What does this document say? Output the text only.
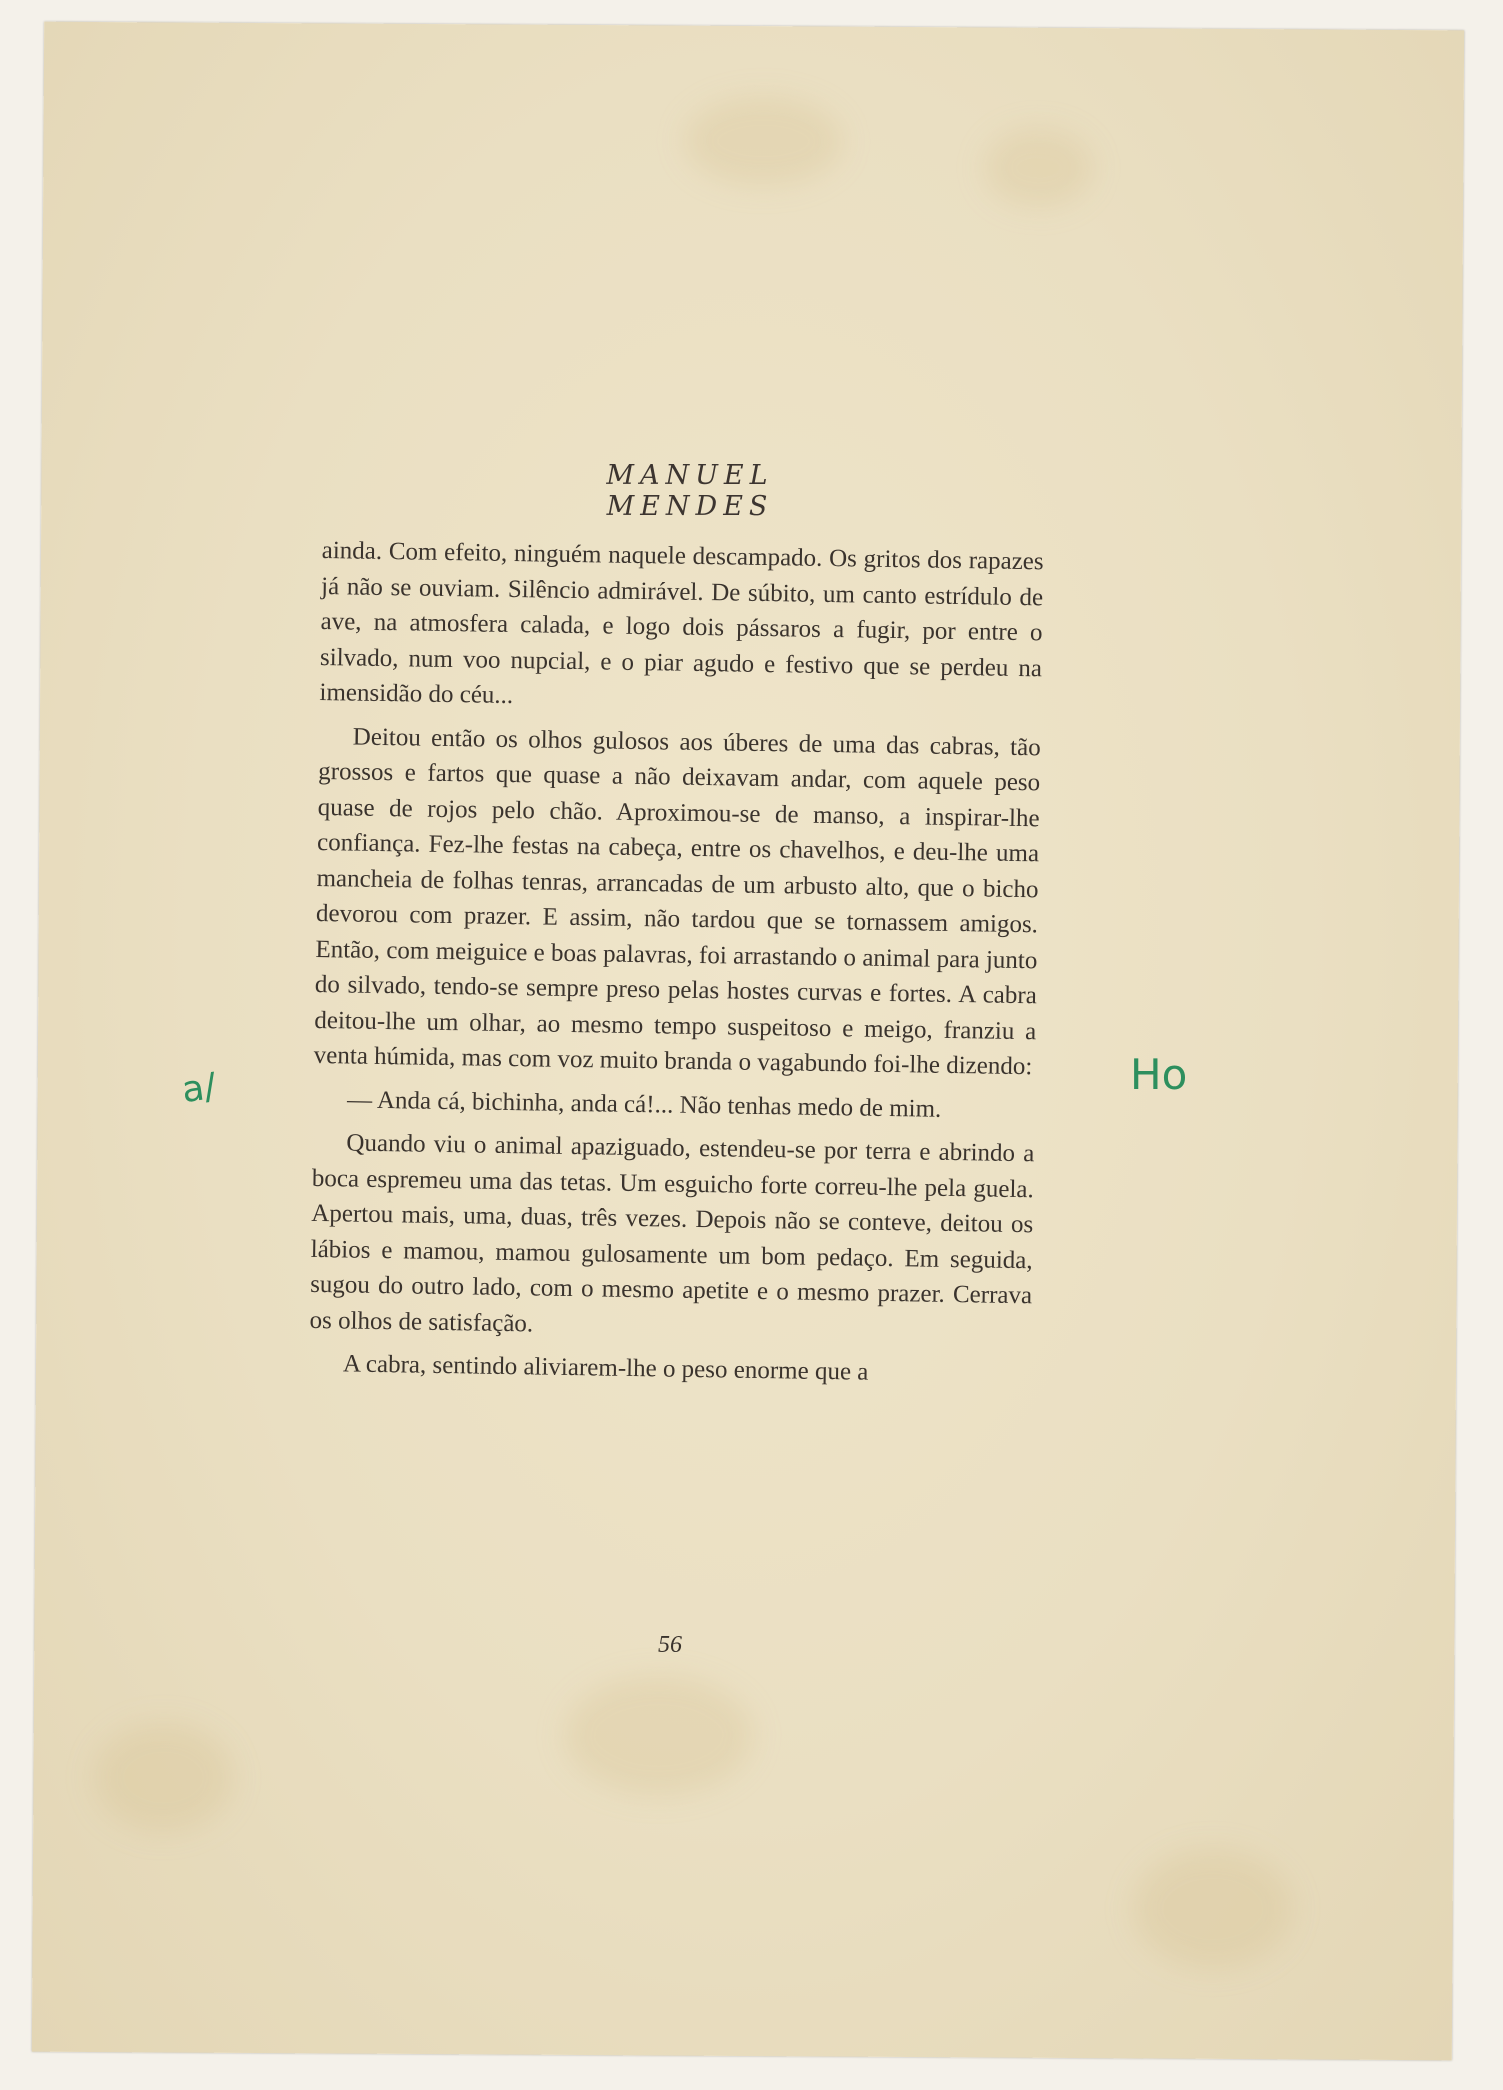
MANUEL MENDES

ainda. Com efeito, ninguém naquele descampado. Os gritos dos rapazes já não se ouviam. Silêncio admirável. De súbito, um canto estrídulo de ave, na atmosfera calada, e logo dois pássaros a fugir, por entre o silvado, num voo nupcial, e o piar agudo e festivo que se perdeu na imensidão do céu...

Deitou então os olhos gulosos aos úberes de uma das cabras, tão grossos e fartos que quase a não deixavam andar, com aquele peso quase de rojos pelo chão. Aproximou-se de manso, a inspirar-lhe confiança. Fez-lhe festas na cabeça, entre os chavelhos, e deu-lhe uma mancheia de folhas tenras, arrancadas de um arbusto alto, que o bicho devorou com prazer. E assim, não tardou que se tornassem amigos. Então, com meiguice e boas palavras, foi arrastando o animal para junto do silvado, tendo-se sempre preso pelas hostes curvas e fortes. A cabra deitou-lhe um olhar, ao mesmo tempo suspeitoso e meigo, franziu a venta húmida, mas com voz muito branda o vagabundo foi-lhe dizendo:

— Anda cá, bichinha, anda cá!... Não tenhas medo de mim.

Quando viu o animal apaziguado, estendeu-se por terra e abrindo a boca espremeu uma das tetas. Um esguicho forte correu-lhe pela guela. Apertou mais, uma, duas, três vezes. Depois não se conteve, deitou os lábios e mamou, mamou gulosamente um bom pedaço. Em seguida, sugou do outro lado, com o mesmo apetite e o mesmo prazer. Cerrava os olhos de satisfação.

A cabra, sentindo aliviarem-lhe o peso enorme que a

56
a/	Ho
